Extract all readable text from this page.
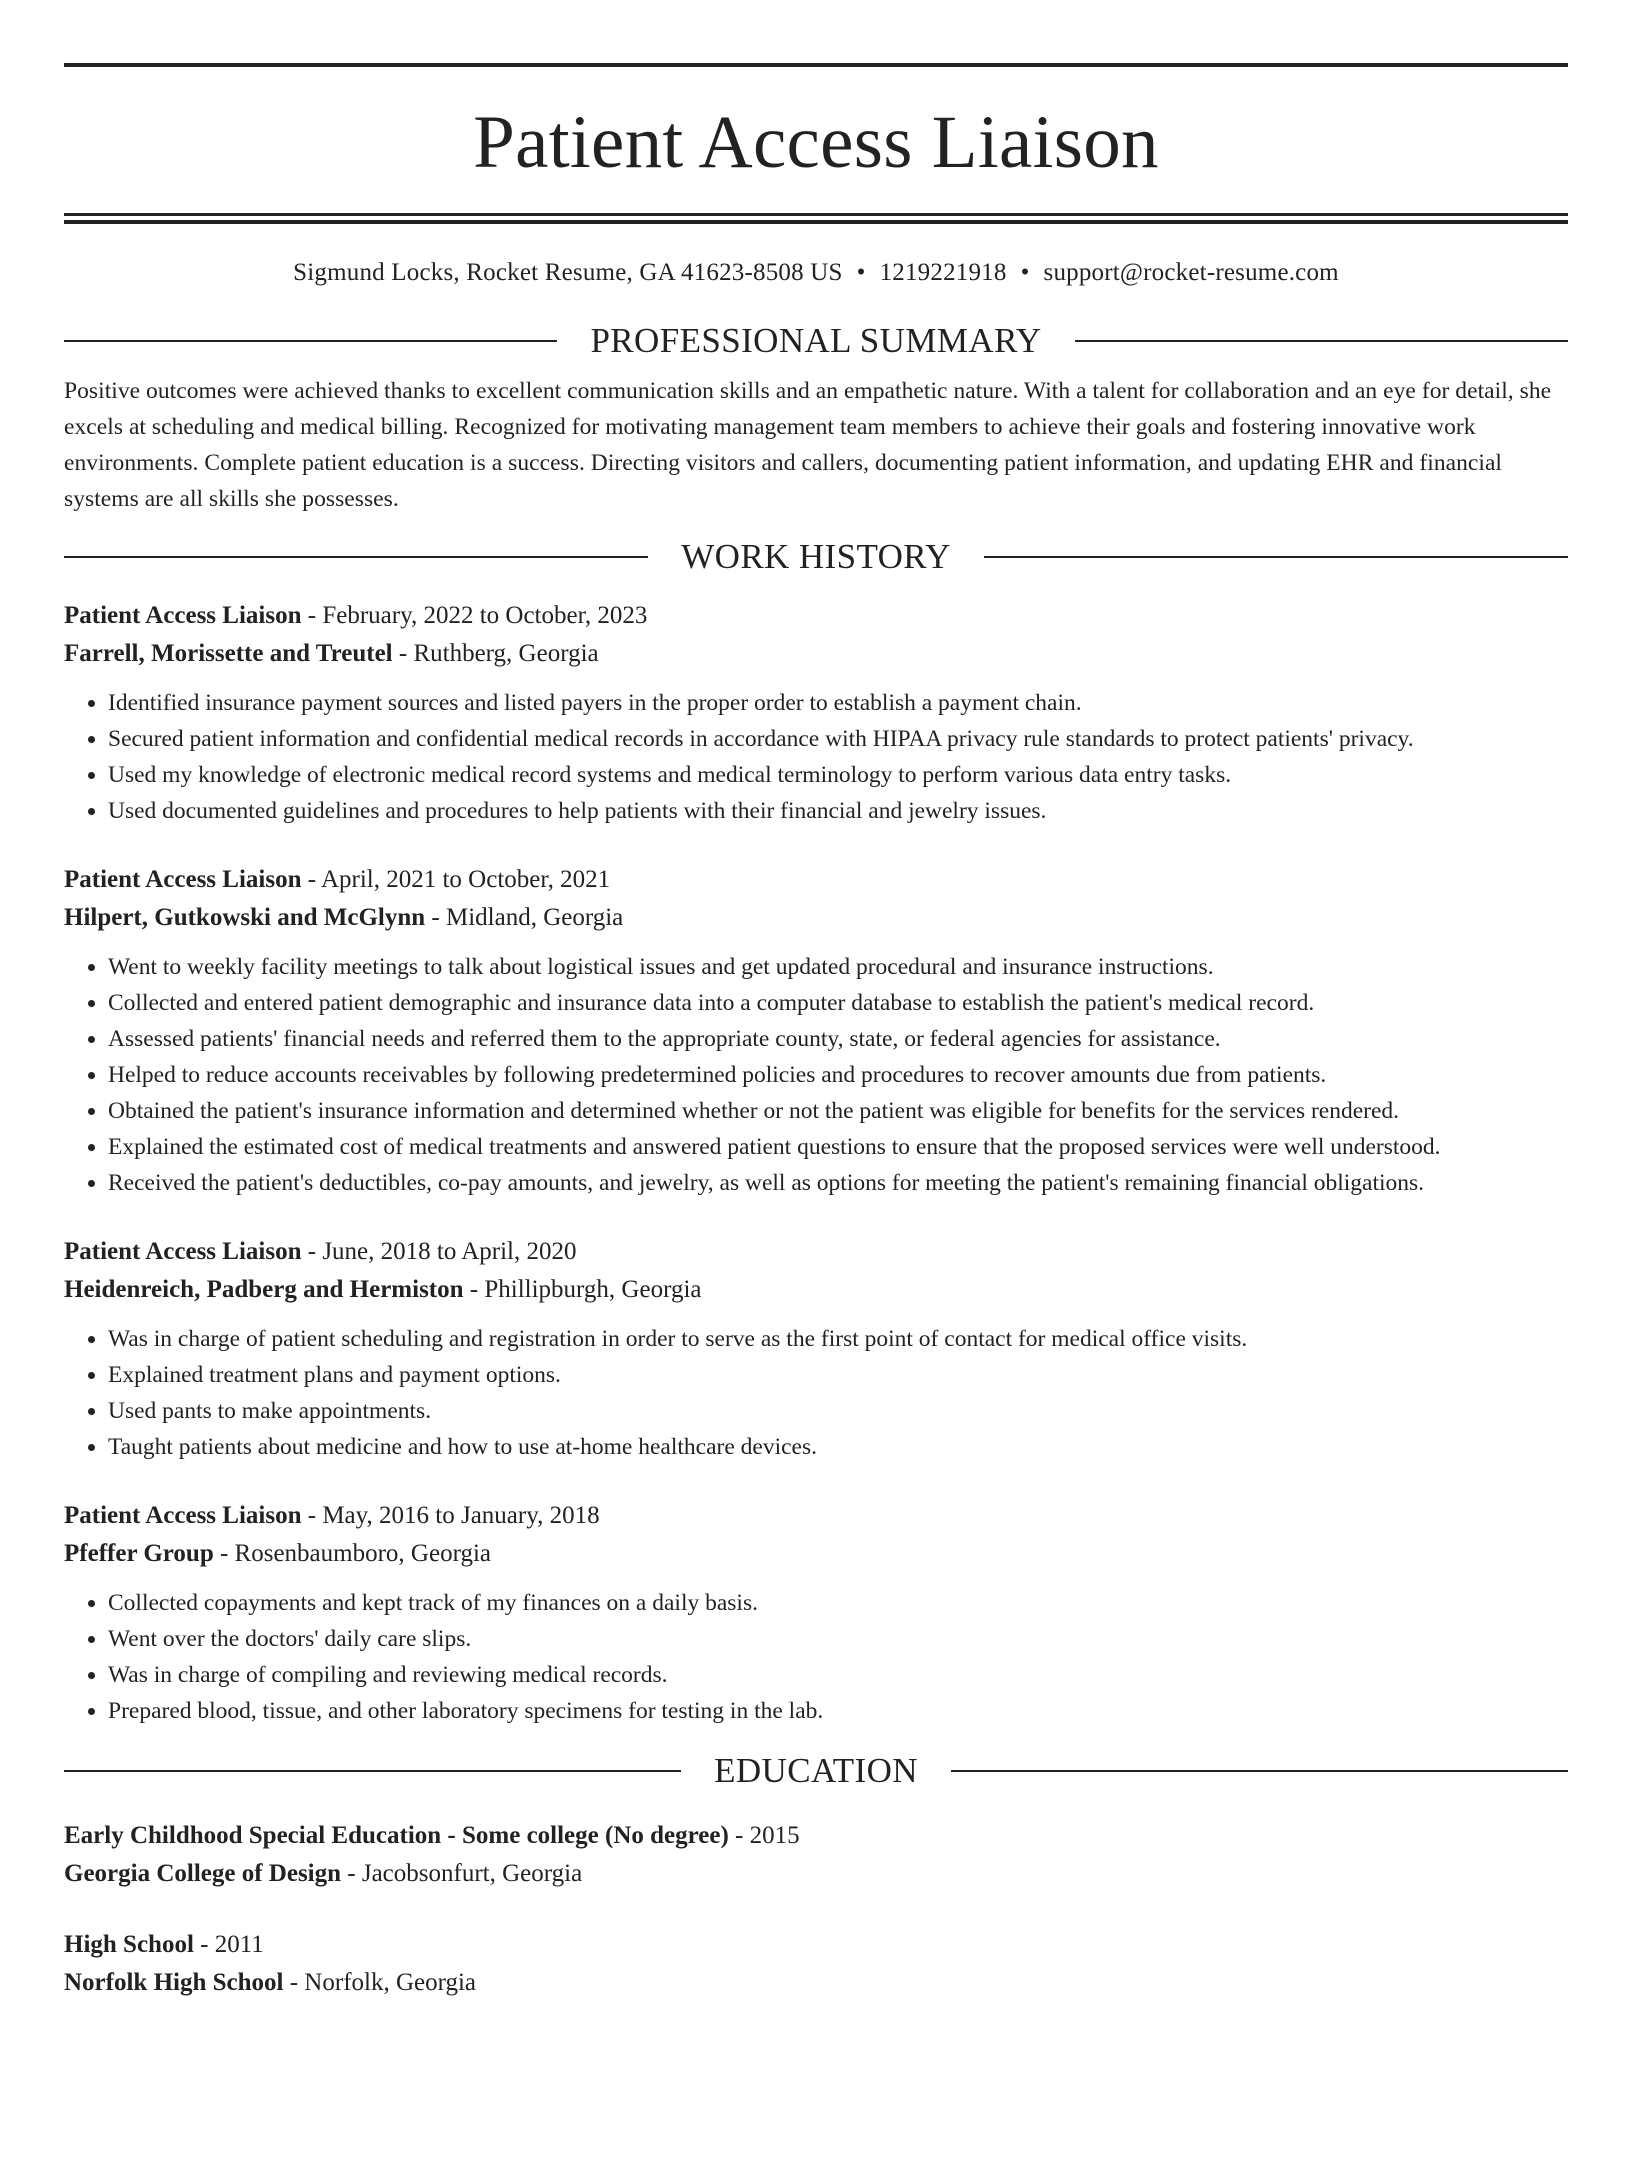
Patient Access Liaison
Sigmund Locks, Rocket Resume, GA 41623-8508 US • 1219221918 • support@rocket-resume.com
PROFESSIONAL SUMMARY
Positive outcomes were achieved thanks to excellent communication skills and an empathetic nature. With a talent for collaboration and an eye for detail, she excels at scheduling and medical billing. Recognized for motivating management team members to achieve their goals and fostering innovative work environments. Complete patient education is a success. Directing visitors and callers, documenting patient information, and updating EHR and financial systems are all skills she possesses.
WORK HISTORY
Patient Access Liaison - February, 2022 to October, 2023
Farrell, Morissette and Treutel - Ruthberg, Georgia
• Identified insurance payment sources and listed payers in the proper order to establish a payment chain.
• Secured patient information and confidential medical records in accordance with HIPAA privacy rule standards to protect patients' privacy.
• Used my knowledge of electronic medical record systems and medical terminology to perform various data entry tasks.
• Used documented guidelines and procedures to help patients with their financial and jewelry issues.
Patient Access Liaison - April, 2021 to October, 2021
Hilpert, Gutkowski and McGlynn - Midland, Georgia
• Went to weekly facility meetings to talk about logistical issues and get updated procedural and insurance instructions.
• Collected and entered patient demographic and insurance data into a computer database to establish the patient's medical record.
• Assessed patients' financial needs and referred them to the appropriate county, state, or federal agencies for assistance.
• Helped to reduce accounts receivables by following predetermined policies and procedures to recover amounts due from patients.
• Obtained the patient's insurance information and determined whether or not the patient was eligible for benefits for the services rendered.
• Explained the estimated cost of medical treatments and answered patient questions to ensure that the proposed services were well understood.
• Received the patient's deductibles, co-pay amounts, and jewelry, as well as options for meeting the patient's remaining financial obligations.
Patient Access Liaison - June, 2018 to April, 2020
Heidenreich, Padberg and Hermiston - Phillipburgh, Georgia
• Was in charge of patient scheduling and registration in order to serve as the first point of contact for medical office visits.
• Explained treatment plans and payment options.
• Used pants to make appointments.
• Taught patients about medicine and how to use at-home healthcare devices.
Patient Access Liaison - May, 2016 to January, 2018
Pfeffer Group - Rosenbaumboro, Georgia
• Collected copayments and kept track of my finances on a daily basis.
• Went over the doctors' daily care slips.
• Was in charge of compiling and reviewing medical records.
• Prepared blood, tissue, and other laboratory specimens for testing in the lab.
EDUCATION
Early Childhood Special Education - Some college (No degree) - 2015
Georgia College of Design - Jacobsonfurt, Georgia
High School - 2011
Norfolk High School - Norfolk, Georgia
